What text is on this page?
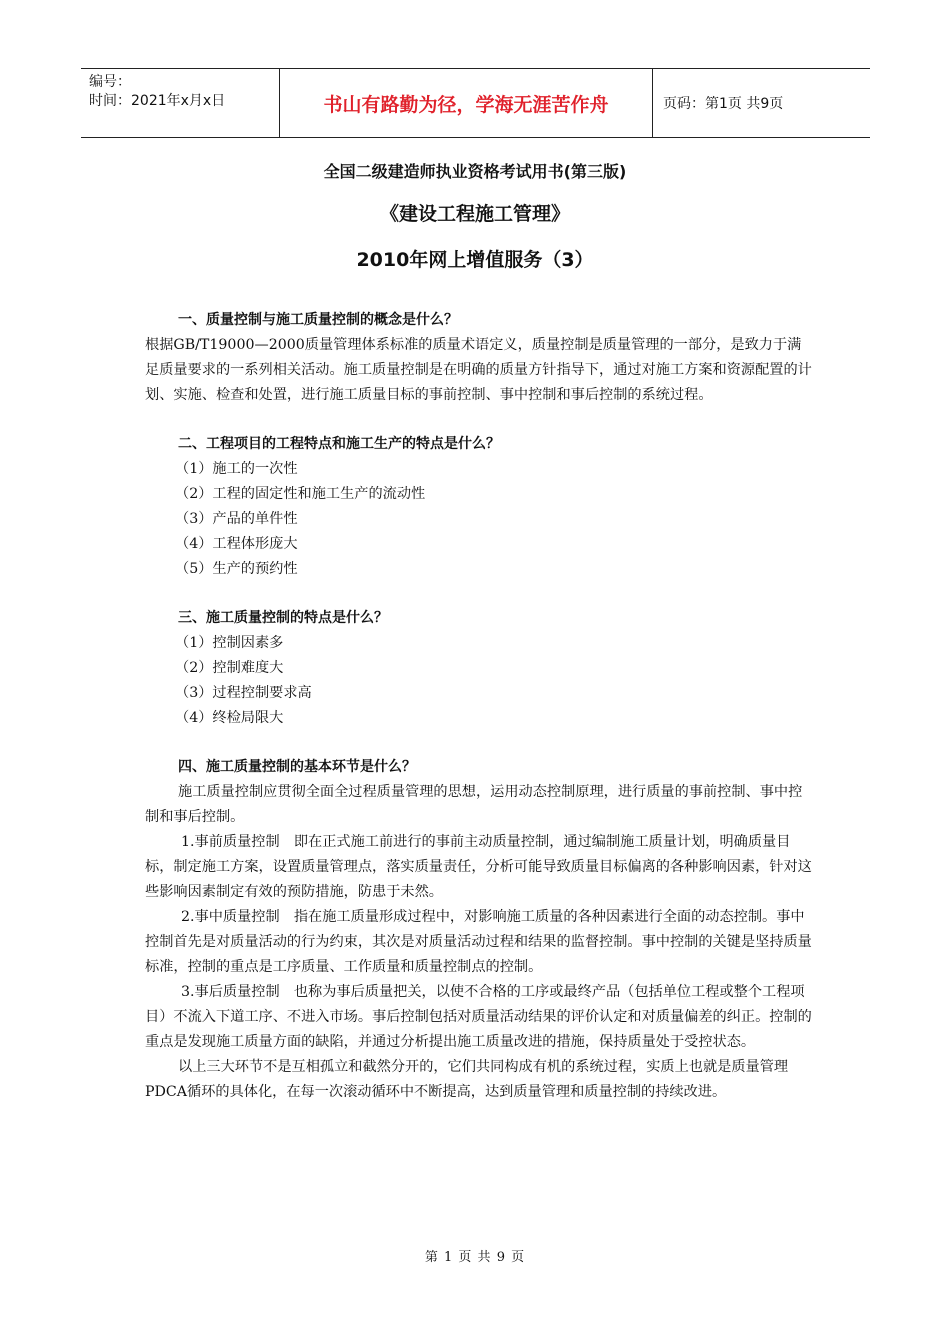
编号：
时间：2021年x月x日	书山有路勤为径，学海无涯苦作舟	页码：第1页 共9页
全国二级建造师执业资格考试用书(第三版)
《建设工程施工管理》
2010年网上增值服务（3）
一、质量控制与施工质量控制的概念是什么？

根据GB/T19000—2000质量管理体系标准的质量术语定义，质量控制是质量管理的一部分，是致力于满足质量要求的一系列相关活动。施工质量控制是在明确的质量方针指导下，通过对施工方案和资源配置的计划、实施、检查和处置，进行施工质量目标的事前控制、事中控制和事后控制的系统过程。

二、工程项目的工程特点和施工生产的特点是什么？
（1）施工的一次性
（2）工程的固定性和施工生产的流动性
（3）产品的单件性
（4）工程体形庞大
（5）生产的预约性
三、施工质量控制的特点是什么？
（1）控制因素多
（2）控制难度大
（3）过程控制要求高
（4）终检局限大
四、施工质量控制的基本环节是什么？

施工质量控制应贯彻全面全过程质量管理的思想，运用动态控制原理，进行质量的事前控制、事中控制和事后控制。

1.事前质量控制　即在正式施工前进行的事前主动质量控制，通过编制施工质量计划，明确质量目标，制定施工方案，设置质量管理点，落实质量责任，分析可能导致质量目标偏离的各种影响因素，针对这些影响因素制定有效的预防措施，防患于未然。

2.事中质量控制　指在施工质量形成过程中，对影响施工质量的各种因素进行全面的动态控制。事中控制首先是对质量活动的行为约束，其次是对质量活动过程和结果的监督控制。事中控制的关键是坚持质量标准，控制的重点是工序质量、工作质量和质量控制点的控制。

3.事后质量控制　也称为事后质量把关，以使不合格的工序或最终产品（包括单位工程或整个工程项目）不流入下道工序、不进入市场。事后控制包括对质量活动结果的评价认定和对质量偏差的纠正。控制的重点是发现施工质量方面的缺陷，并通过分析提出施工质量改进的措施，保持质量处于受控状态。

以上三大环节不是互相孤立和截然分开的，它们共同构成有机的系统过程，实质上也就是质量管理PDCA循环的具体化，在每一次滚动循环中不断提高，达到质量管理和质量控制的持续改进。

第 1 页 共 9 页
